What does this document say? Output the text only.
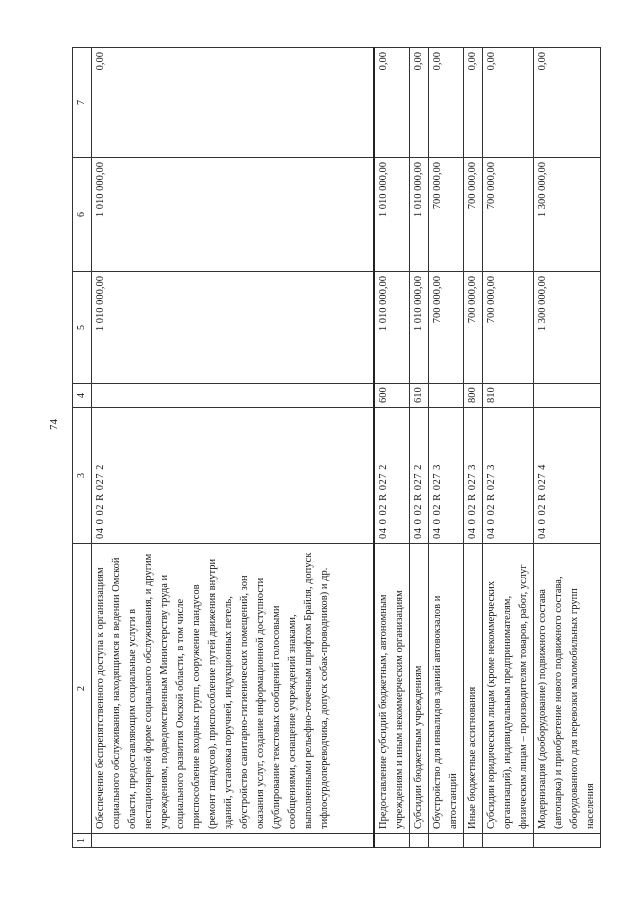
74
1	2	3	4	5	6	7
	Обеспечение беспрепятственного доступа к организациям социального обслуживания, находящимся в ведении Омской области, предоставляющим социальные услуги в нестационарной форме социального обслуживания, и другим учреждениям, подведомственным Министерству труда и социального развития Омской области, в том числе приспособление входных групп, сооружение пандусов (ремонт пандусов), приспособление путей движения внутри зданий, установка поручней, индукционных петель, обустройство санитарно-гигиенических помещений, зон оказания услуг, создание информационной доступности (дублирование текстовых сообщений голосовыми сообщениями, оснащение учреждений знаками, выполненными рельефно-точечным шрифтом Брайля, допуск тифлосурдопереводчика, допуск собак-проводников) и др.	04 0 02 R 027 2		1 010 000,00	1 010 000,00	0,00
	Предоставление субсидий бюджетным, автономным учреждениям и иным некоммерческим организациям	04 0 02 R 027 2	600	1 010 000,00	1 010 000,00	0,00
	Субсидии бюджетным учреждениям	04 0 02 R 027 2	610	1 010 000,00	1 010 000,00	0,00
	Обустройство для инвалидов зданий автовокзалов и автостанций	04 0 02 R 027 3		700 000,00	700 000,00	0,00
	Иные бюджетные ассигнования	04 0 02 R 027 3	800	700 000,00	700 000,00	0,00
	Субсидии юридическим лицам (кроме некоммерческих организаций), индивидуальным предпринимателям, физическим лицам – производителям товаров, работ, услуг	04 0 02 R 027 3	810	700 000,00	700 000,00	0,00
	Модернизация (дооборудование) подвижного состава (автопарка) и приобретение нового подвижного состава, оборудованного для перевозки маломобильных групп населения	04 0 02 R 027 4		1 300 000,00	1 300 000,00	0,00
